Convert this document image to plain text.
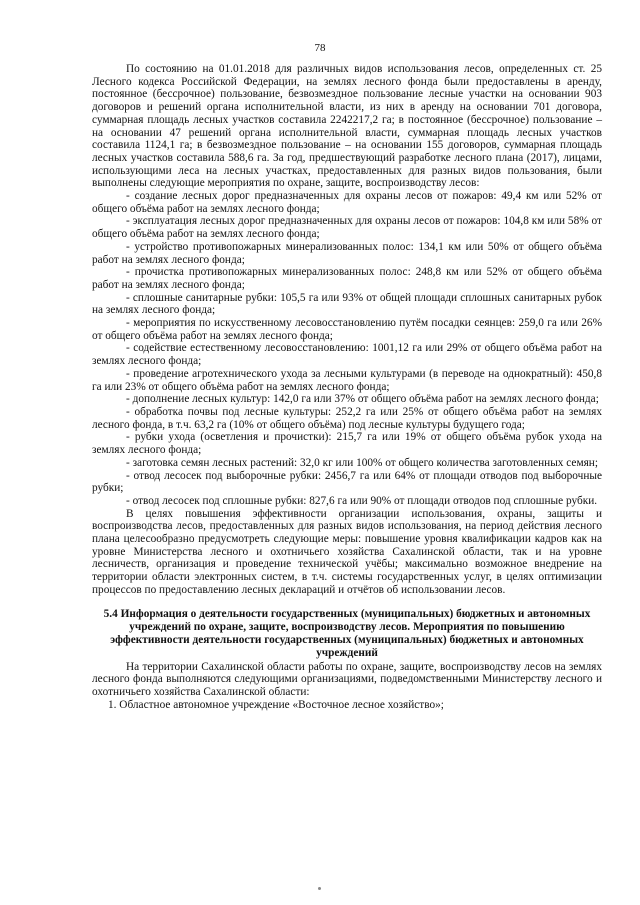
78

По состоянию на 01.01.2018 для различных видов использования лесов, определенных ст. 25 Лесного кодекса Российской Федерации, на землях лесного фонда были предоставлены в аренду, постоянное (бессрочное) пользование, безвозмездное пользование лесные участки на основании 903 договоров и решений органа исполнительной власти, из них в аренду на основании 701 договора, суммарная площадь лесных участков составила 2242217,2 га; в постоянное (бессрочное) пользование – на основании 47 решений органа исполнительной власти, суммарная площадь лесных участков составила 1124,1 га; в безвозмездное пользование – на основании 155 договоров, суммарная площадь лесных участков составила 588,6 га. За год, предшествующий разработке лесного плана (2017), лицами, использующими леса на лесных участках, предоставленных для разных видов пользования, были выполнены следующие мероприятия по охране, защите, воспроизводству лесов:

- создание лесных дорог предназначенных для охраны лесов от пожаров: 49,4 км или 52% от общего объёма работ на землях лесного фонда;

- эксплуатация лесных дорог предназначенных для охраны лесов от пожаров: 104,8 км или 58% от общего объёма работ на землях лесного фонда;

- устройство противопожарных минерализованных полос: 134,1 км или 50% от общего объёма работ на землях лесного фонда;

- прочистка противопожарных минерализованных полос: 248,8 км или 52% от общего объёма работ на землях лесного фонда;

- сплошные санитарные рубки: 105,5 га или 93% от общей площади сплошных санитарных рубок на землях лесного фонда;

- мероприятия по искусственному лесовосстановлению путём посадки сеянцев: 259,0 га или 26% от общего объёма работ на землях лесного фонда;

- содействие естественному лесовосстановлению: 1001,12 га или 29% от общего объёма работ на землях лесного фонда;

- проведение агротехнического ухода за лесными культурами (в переводе на однократный): 450,8 га или 23% от общего объёма работ на землях лесного фонда;

- дополнение лесных культур: 142,0 га или 37% от общего объёма работ на землях лесного фонда;

- обработка почвы под лесные культуры: 252,2 га или 25% от общего объёма работ на землях лесного фонда, в т.ч. 63,2 га (10% от общего объёма) под лесные культуры будущего года;

- рубки ухода (осветления и прочистки): 215,7 га или 19% от общего объёма рубок ухода на землях лесного фонда;

- заготовка семян лесных растений: 32,0 кг или 100% от общего количества заготовленных семян;

- отвод лесосек под выборочные рубки: 2456,7 га или 64% от площади отводов под выборочные рубки;

- отвод лесосек под сплошные рубки: 827,6 га или 90% от площади отводов под сплошные рубки.

В целях повышения эффективности организации использования, охраны, защиты и воспроизводства лесов, предоставленных для разных видов использования, на период действия лесного плана целесообразно предусмотреть следующие меры: повышение уровня квалификации кадров как на уровне Министерства лесного и охотничьего хозяйства Сахалинской области, так и на уровне лесничеств, организация и проведение технической учёбы; максимально возможное внедрение на территории области электронных систем, в т.ч. системы государственных услуг, в целях оптимизации процессов по предоставлению лесных деклараций и отчётов об использовании лесов.

5.4 Информация о деятельности государственных (муниципальных) бюджетных и автономных учреждений по охране, защите, воспроизводству лесов. Мероприятия по повышению эффективности деятельности государственных (муниципальных) бюджетных и автономных учреждений

На территории Сахалинской области работы по охране, защите, воспроизводству лесов на землях лесного фонда выполняются следующими организациями, подведомственными Министерству лесного и охотничьего хозяйства Сахалинской области:

1. Областное автономное учреждение «Восточное лесное хозяйство»;
